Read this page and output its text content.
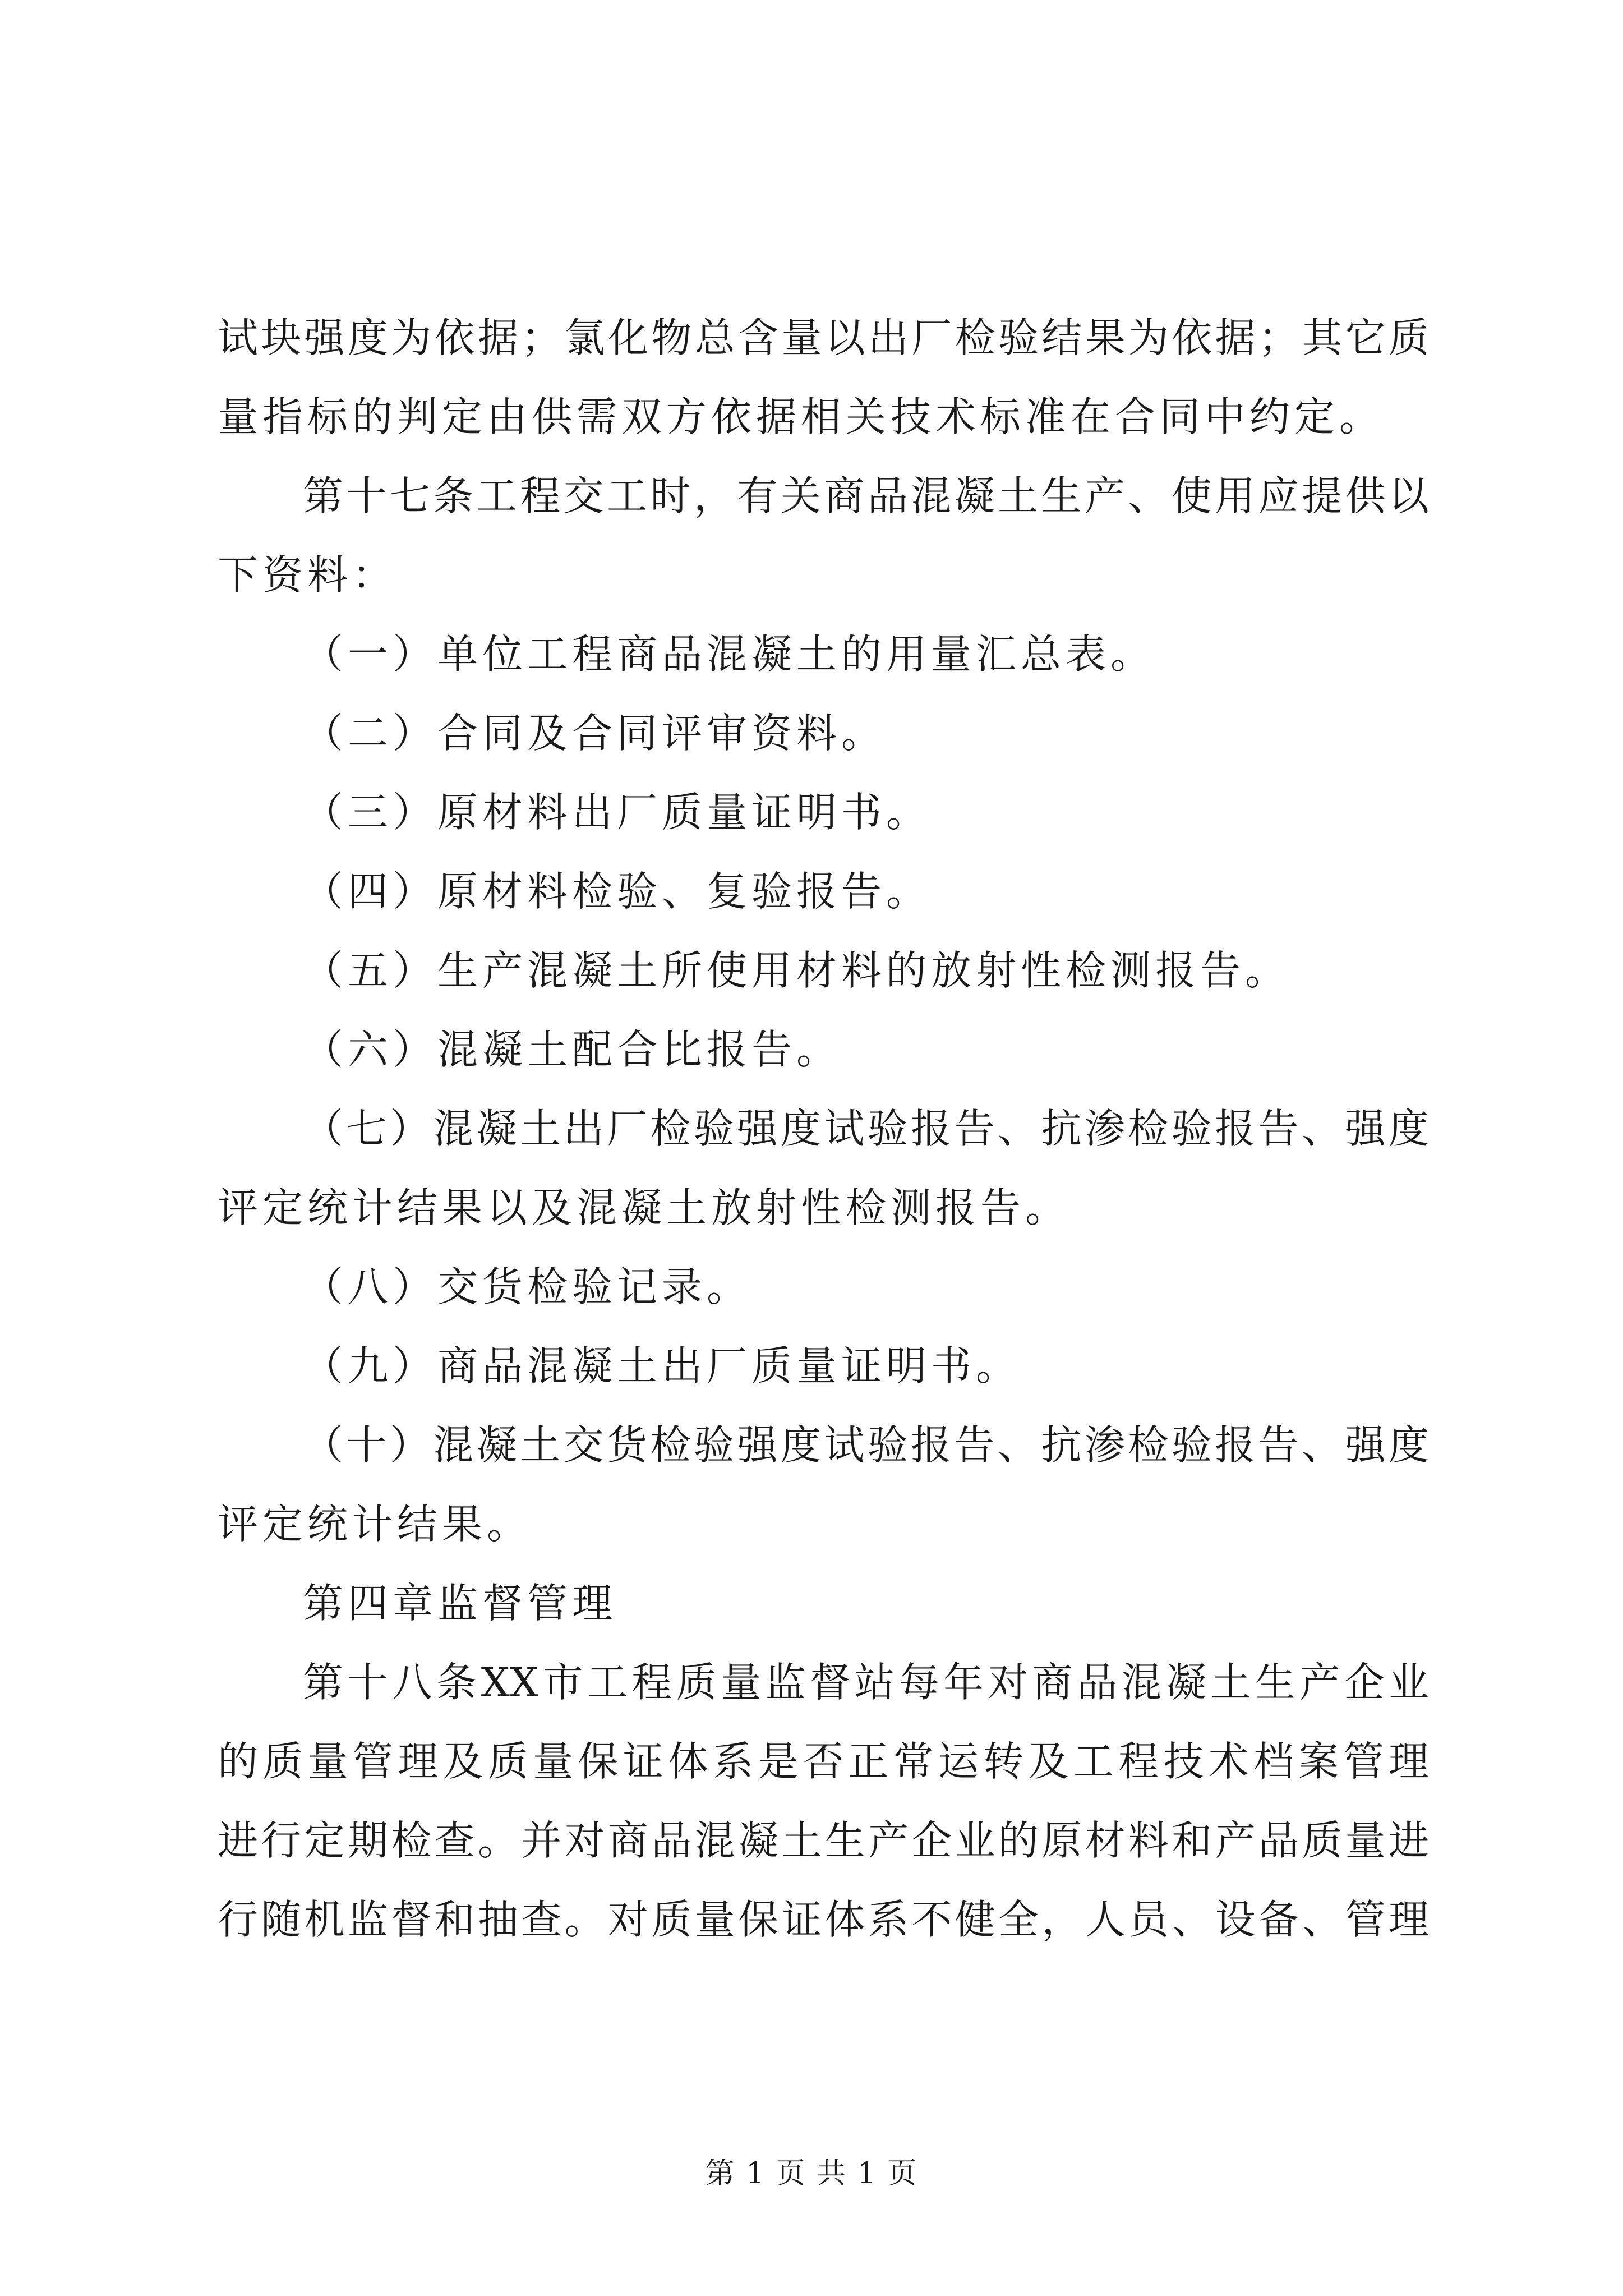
试块强度为依据；氯化物总含量以出厂检验结果为依据；其它质
量指标的判定由供需双方依据相关技术标准在合同中约定。
第十七条工程交工时，有关商品混凝土生产、使用应提供以
下资料：
（一）单位工程商品混凝土的用量汇总表。
（二）合同及合同评审资料。
（三）原材料出厂质量证明书。
（四）原材料检验、复验报告。
（五）生产混凝土所使用材料的放射性检测报告。
（六）混凝土配合比报告。
（七）混凝土出厂检验强度试验报告、抗渗检验报告、强度
评定统计结果以及混凝土放射性检测报告。
（八）交货检验记录。
（九）商品混凝土出厂质量证明书。
（十）混凝土交货检验强度试验报告、抗渗检验报告、强度
评定统计结果。
第四章监督管理
第十八条XX市工程质量监督站每年对商品混凝土生产企业
的质量管理及质量保证体系是否正常运转及工程技术档案管理
进行定期检查。并对商品混凝土生产企业的原材料和产品质量进
行随机监督和抽查。对质量保证体系不健全，人员、设备、管理
第 1 页 共 1 页
